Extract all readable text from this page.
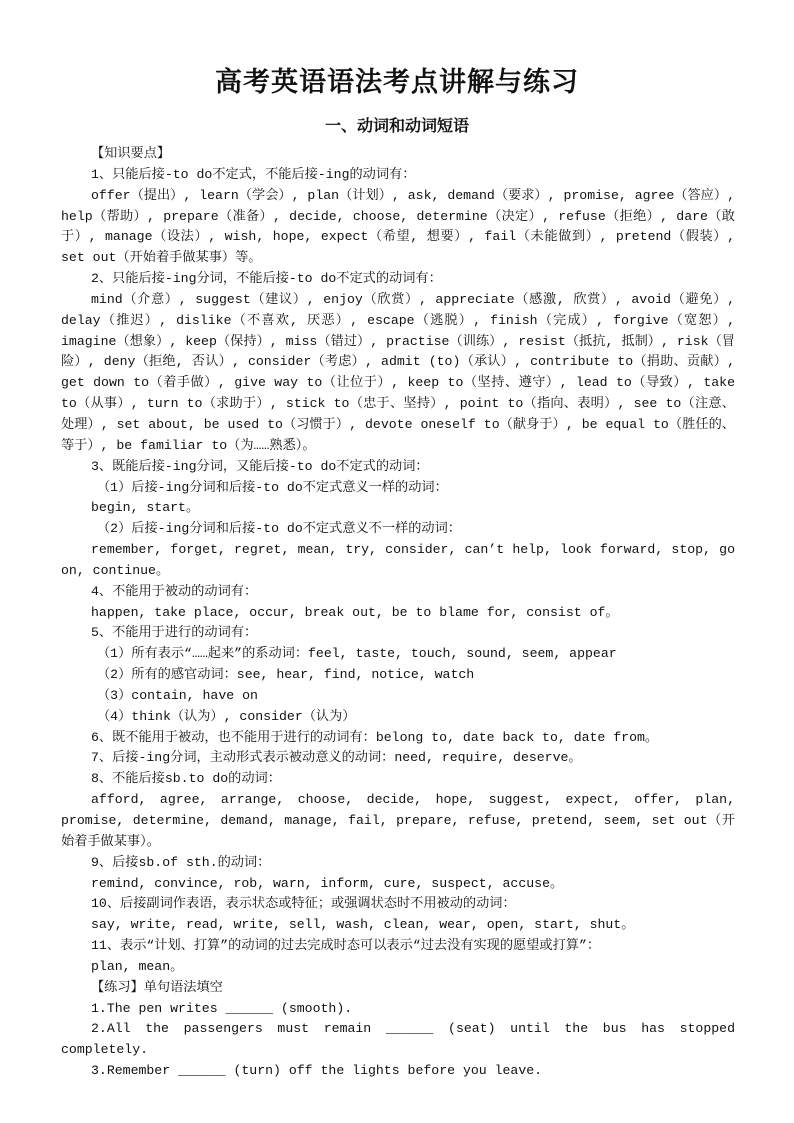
高考英语语法考点讲解与练习
一、动词和动词短语

【知识要点】

1、只能后接-to do不定式，不能后接-ing的动词有：

offer（提出）, learn（学会）, plan（计划）, ask, demand（要求）, promise, agree（答应）, help（帮助）, prepare（准备）, decide, choose, determine（决定）, refuse（拒绝）, dare（敢于）, manage（设法）, wish, hope, expect（希望, 想要）, fail（未能做到）, pretend（假装）, set out（开始着手做某事）等。

2、只能后接-ing分词，不能后接-to do不定式的动词有：

mind（介意）, suggest（建议）, enjoy（欣赏）, appreciate（感激, 欣赏）, avoid（避免）, delay（推迟）, dislike（不喜欢, 厌恶）, escape（逃脱）, finish（完成）, forgive（宽恕）, imagine（想象）, keep（保持）, miss（错过）, practise（训练）, resist（抵抗, 抵制）, risk（冒险）, deny（拒绝, 否认）, consider（考虑）, admit (to)（承认）, contribute to（捐助、贡献）, get down to（着手做）, give way to（让位于）, keep to（坚持、遵守）, lead to（导致）, take to（从事）, turn to（求助于）, stick to（忠于、坚持）, point to（指向、表明）, see to（注意、处理）, set about, be used to（习惯于）, devote oneself to（献身于）, be equal to（胜任的、等于）, be familiar to（为……熟悉）。

3、既能后接-ing分词，又能后接-to do不定式的动词：

（1）后接-ing分词和后接-to do不定式意义一样的动词：

begin, start。

（2）后接-ing分词和后接-to do不定式意义不一样的动词：

remember, forget, regret, mean, try, consider, can’t help, look forward, stop, go on, continue。

4、不能用于被动的动词有：

happen, take place, occur, break out, be to blame for, consist of。

5、不能用于进行的动词有：

（1）所有表示“……起来”的系动词：feel, taste, touch, sound, seem, appear

（2）所有的感官动词：see, hear, find, notice, watch

（3）contain, have on

（4）think（认为）, consider（认为）

6、既不能用于被动，也不能用于进行的动词有：belong to, date back to, date from。

7、后接-ing分词，主动形式表示被动意义的动词：need, require, deserve。

8、不能后接sb.to do的动词：

afford, agree, arrange, choose, decide, hope, suggest, expect, offer, plan, promise, determine, demand, manage, fail, prepare, refuse, pretend, seem, set out（开始着手做某事）。

9、后接sb.of sth.的动词：

remind, convince, rob, warn, inform, cure, suspect, accuse。

10、后接副词作表语，表示状态或特征；或强调状态时不用被动的动词：

say, write, read, write, sell, wash, clean, wear, open, start, shut。

11、表示“计划、打算”的动词的过去完成时态可以表示“过去没有实现的愿望或打算”：

plan, mean。

【练习】单句语法填空

1.The pen writes ______ (smooth).

2.All the passengers must remain ______ (seat) until the bus has stopped completely.

3.Remember ______ (turn) off the lights before you leave.
